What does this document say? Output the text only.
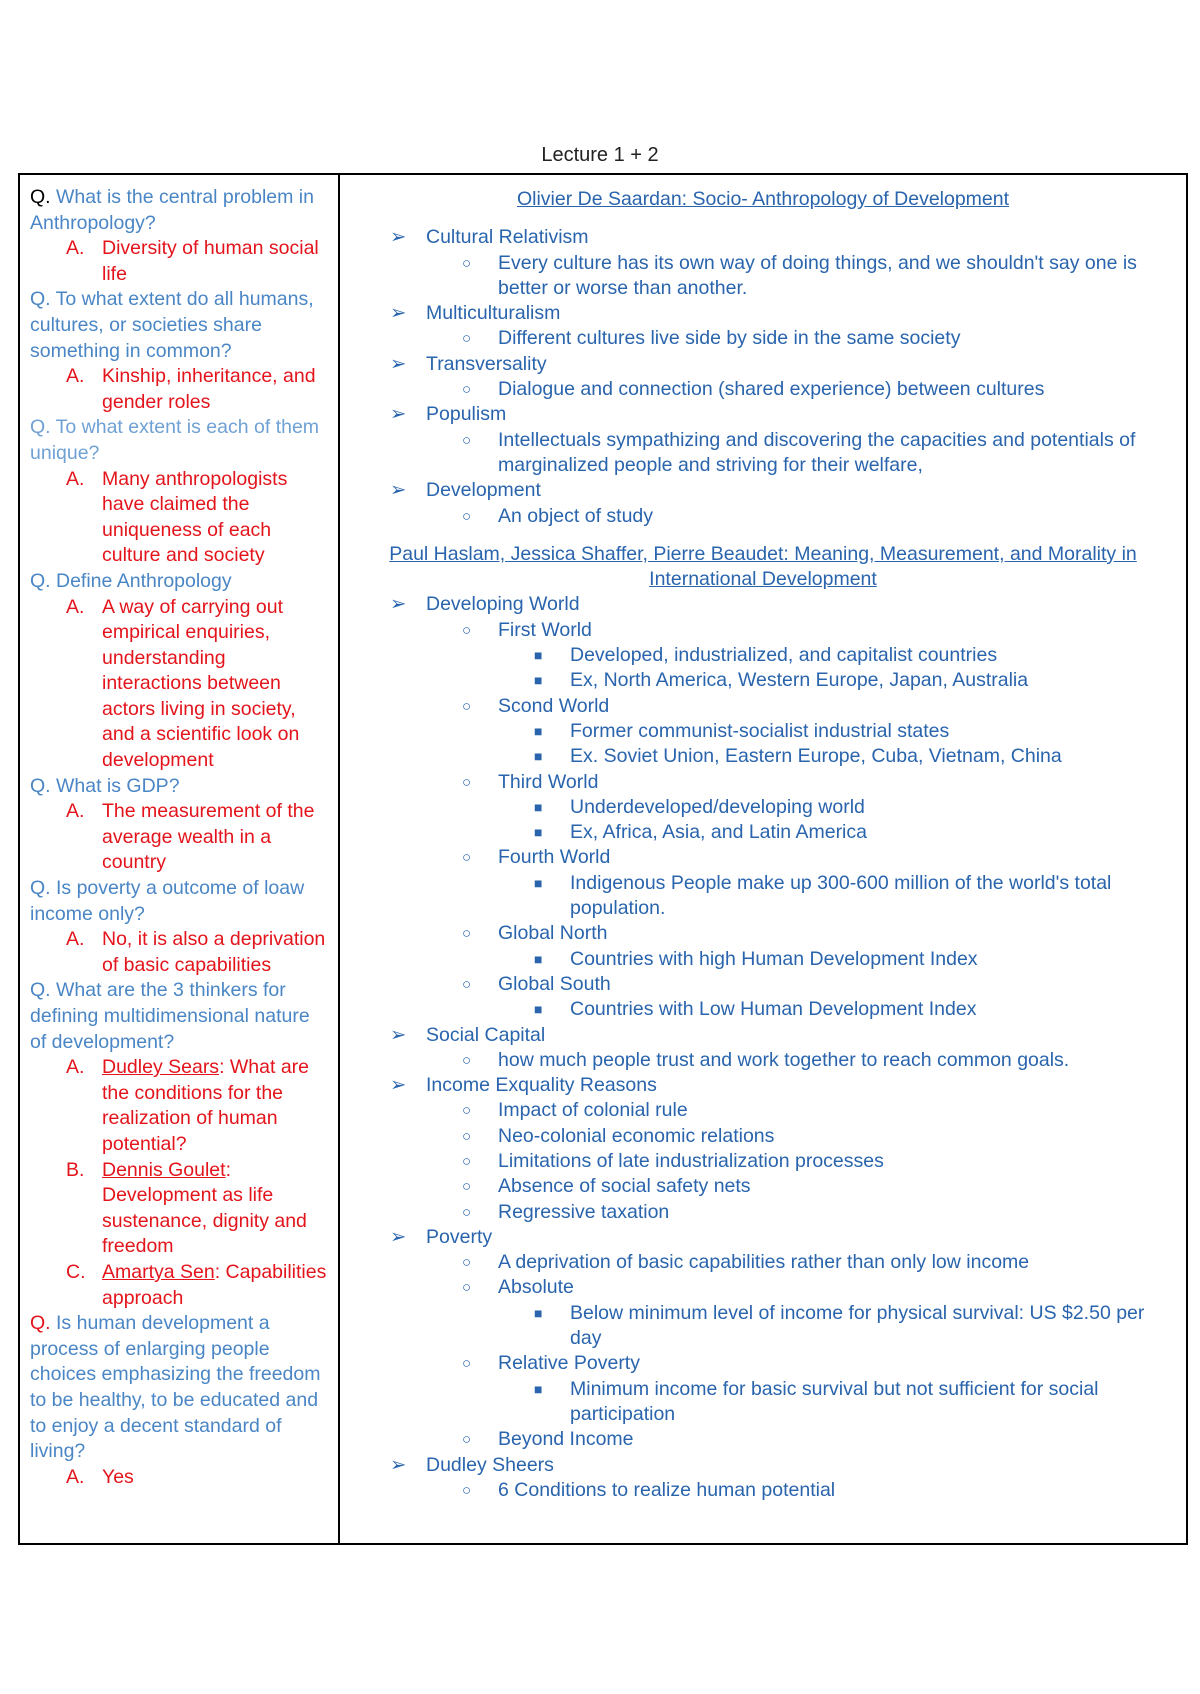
Lecture 1 + 2
Q. What is the central problem in Anthropology?
A. Diversity of human social life
Q. To what extent do all humans, cultures, or societies share
something in common?
A. Kinship, inheritance, and gender roles
Q. To what extent is each of them unique?
A. Many anthropologists have claimed the uniqueness of each culture and society
Q. Define Anthropology
A. A way of carrying out empirical enquiries, understanding interactions between actors living in society, and a scientific look on development
Q. What is GDP?
A. The measurement of the average wealth in a country
Q. Is poverty a outcome of loaw income only?
A. No, it is also a deprivation of basic capabilities
Q. What are the 3 thinkers for defining multidimensional nature of development?
A. Dudley Sears: What are the conditions for the realization of human potential?
B. Dennis Goulet: Development as life sustenance, dignity and freedom
C. Amartya Sen: Capabilities approach
Q. Is human development a process of enlarging people choices emphasizing the freedom to be healthy, to be educated and to enjoy a decent standard of living?
A. Yes

Olivier De Saardan: Socio- Anthropology of Development
➢	Cultural Relativism
○	Every culture has its own way of doing things, and we shouldn't say one is better or worse than another.
➢	Multiculturalism
○	Different cultures live side by side in the same society
➢	Transversality
○	Dialogue and connection (shared experience) between cultures
➢	Populism
○	Intellectuals sympathizing and discovering the capacities and potentials of marginalized people and striving for their welfare,
➢	Development
○	An object of study
Paul Haslam, Jessica Shaffer, Pierre Beaudet: Meaning, Measurement, and Morality in International Development
➢	Developing World
○	First World
■	Developed, industrialized, and capitalist countries
■	Ex, North America, Western Europe, Japan, Australia
○	Scond World
■	Former communist-socialist industrial states
■	Ex. Soviet Union, Eastern Europe, Cuba, Vietnam, China
○	Third World
■	Underdeveloped/developing world
■	Ex, Africa, Asia, and Latin America
○	Fourth World
■	Indigenous People make up 300-600 million of the world's total population.
○	Global North
■	Countries with high Human Development Index
○	Global South
■	Countries with Low Human Development Index
➢	Social Capital
○	how much people trust and work together to reach common goals.
➢	Income Exquality Reasons
○	Impact of colonial rule
○	Neo-colonial economic relations
○	Limitations of late industrialization processes
○	Absence of social safety nets
○	Regressive taxation
➢	Poverty
○	A deprivation of basic capabilities rather than only low income
○	Absolute
■	Below minimum level of income for physical survival: US $2.50 per day
○	Relative Poverty
■	Minimum income for basic survival but not sufficient for social participation
○	Beyond Income
➢	Dudley Sheers
○	6 Conditions to realize human potential
